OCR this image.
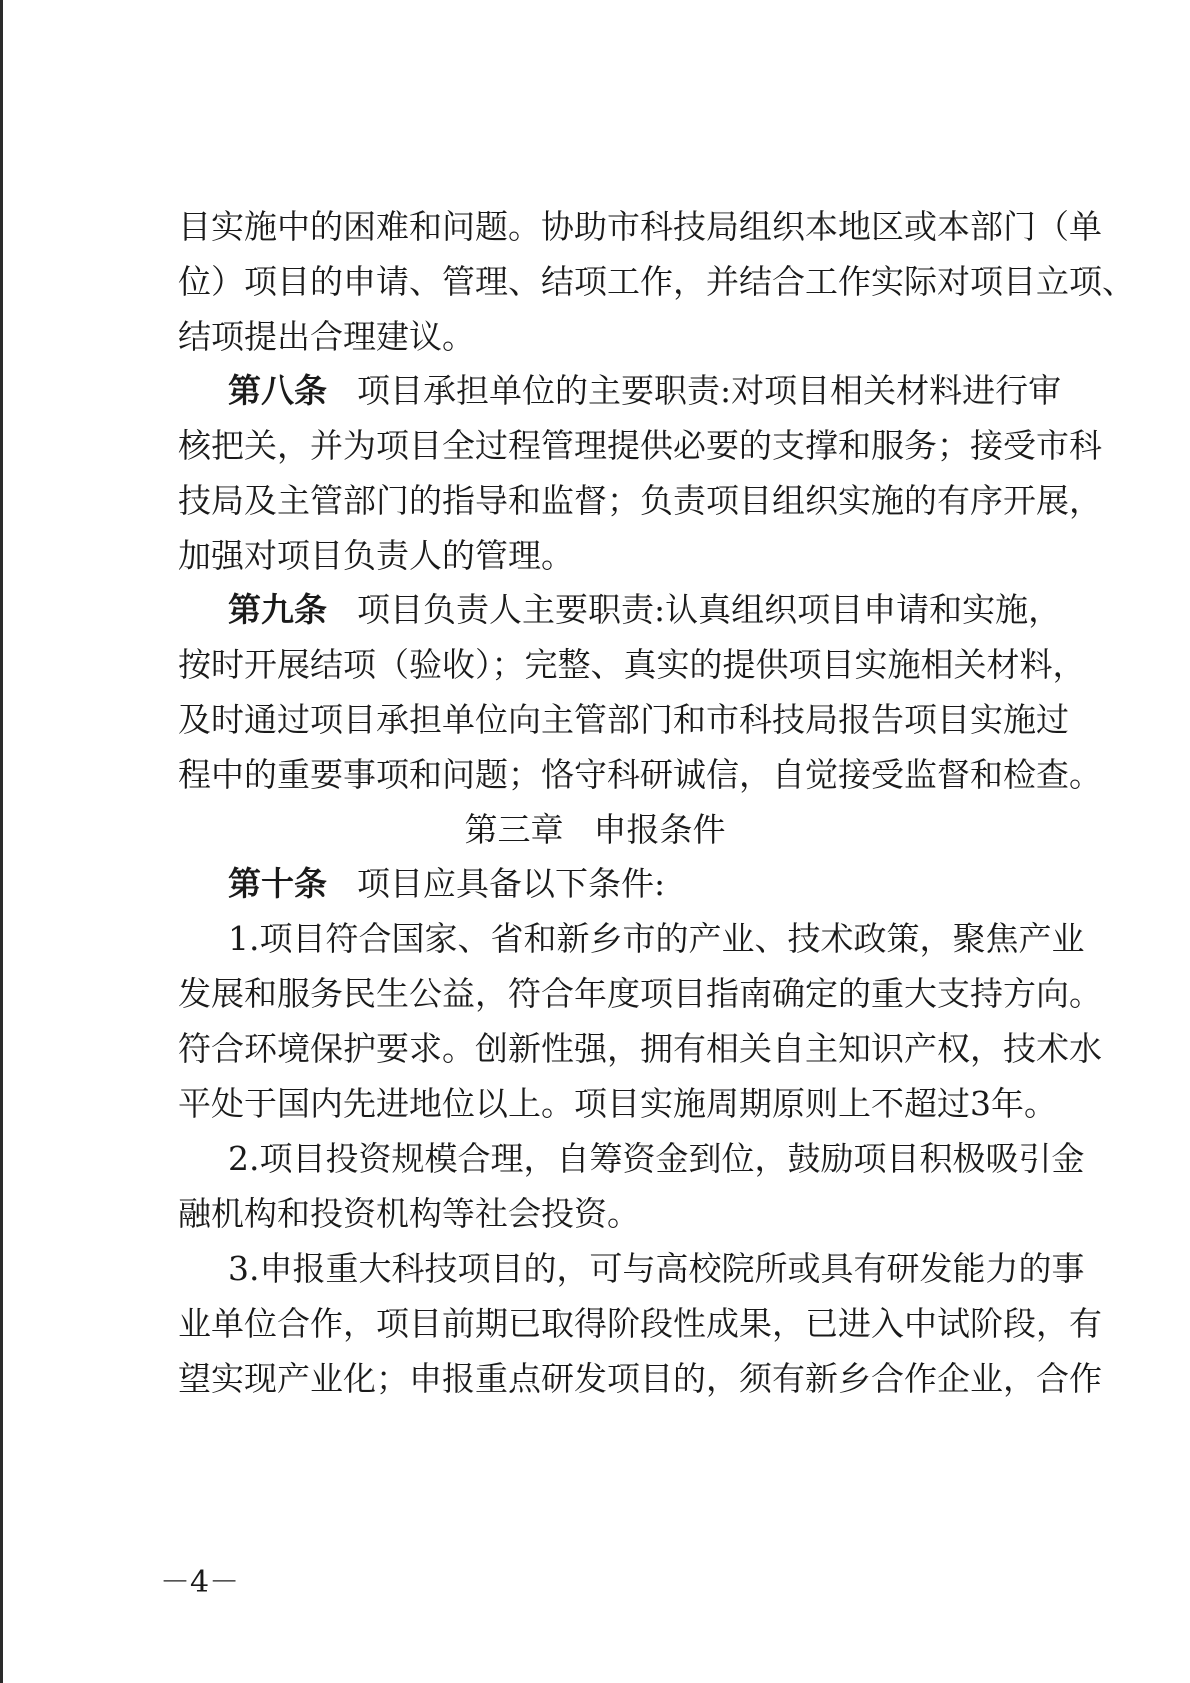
目实施中的困难和问题。协助市科技局组织本地区或本部门（单
位）项目的申请、管理、结项工作，并结合工作实际对项目立项、
结项提出合理建议。
第八条 项目承担单位的主要职责:对项目相关材料进行审
核把关，并为项目全过程管理提供必要的支撑和服务；接受市科
技局及主管部门的指导和监督；负责项目组织实施的有序开展，
加强对项目负责人的管理。
第九条 项目负责人主要职责:认真组织项目申请和实施，
按时开展结项（验收）；完整、真实的提供项目实施相关材料，
及时通过项目承担单位向主管部门和市科技局报告项目实施过
程中的重要事项和问题；恪守科研诚信，自觉接受监督和检查。
第三章 申报条件
第十条 项目应具备以下条件:
1.项目符合国家、省和新乡市的产业、技术政策，聚焦产业
发展和服务民生公益，符合年度项目指南确定的重大支持方向。
符合环境保护要求。创新性强，拥有相关自主知识产权，技术水
平处于国内先进地位以上。项目实施周期原则上不超过3年。
2.项目投资规模合理，自筹资金到位，鼓励项目积极吸引金
融机构和投资机构等社会投资。
3.申报重大科技项目的，可与高校院所或具有研发能力的事
业单位合作，项目前期已取得阶段性成果，已进入中试阶段，有
望实现产业化；申报重点研发项目的，须有新乡合作企业，合作
－4－
